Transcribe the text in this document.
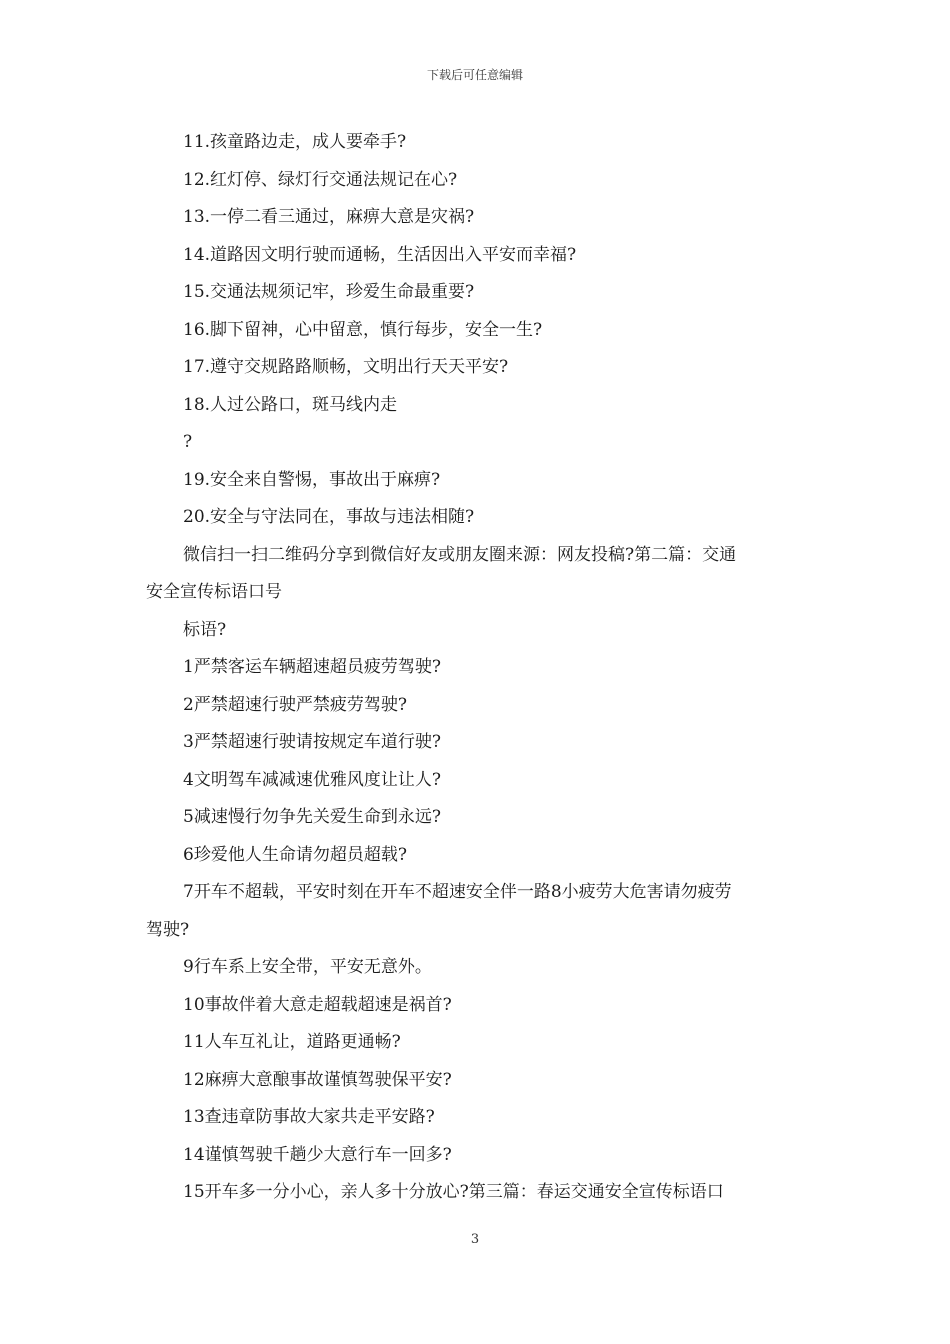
下载后可任意编辑
11.孩童路边走，成人要牵手?
12.红灯停、绿灯行交通法规记在心?
13.一停二看三通过，麻痹大意是灾祸?
14.道路因文明行驶而通畅，生活因出入平安而幸福?
15.交通法规须记牢，珍爱生命最重要?
16.脚下留神，心中留意，慎行每步，安全一生?
17.遵守交规路路顺畅，文明出行天天平安?
18.人过公路口，斑马线内走
?
19.安全来自警惕，事故出于麻痹?
20.安全与守法同在，事故与违法相随?
微信扫一扫二维码分享到微信好友或朋友圈来源：网友投稿?第二篇：交通
安全宣传标语口号
标语?
1严禁客运车辆超速超员疲劳驾驶?
2严禁超速行驶严禁疲劳驾驶?
3严禁超速行驶请按规定车道行驶?
4文明驾车减减速优雅风度让让人?
5减速慢行勿争先关爱生命到永远?
6珍爱他人生命请勿超员超载?
7开车不超载，平安时刻在开车不超速安全伴一路8小疲劳大危害请勿疲劳
驾驶?
9行车系上安全带，平安无意外。
10事故伴着大意走超载超速是祸首?
11人车互礼让，道路更通畅?
12麻痹大意酿事故谨慎驾驶保平安?
13查违章防事故大家共走平安路?
14谨慎驾驶千趟少大意行车一回多?
15开车多一分小心，亲人多十分放心?第三篇：春运交通安全宣传标语口
3
